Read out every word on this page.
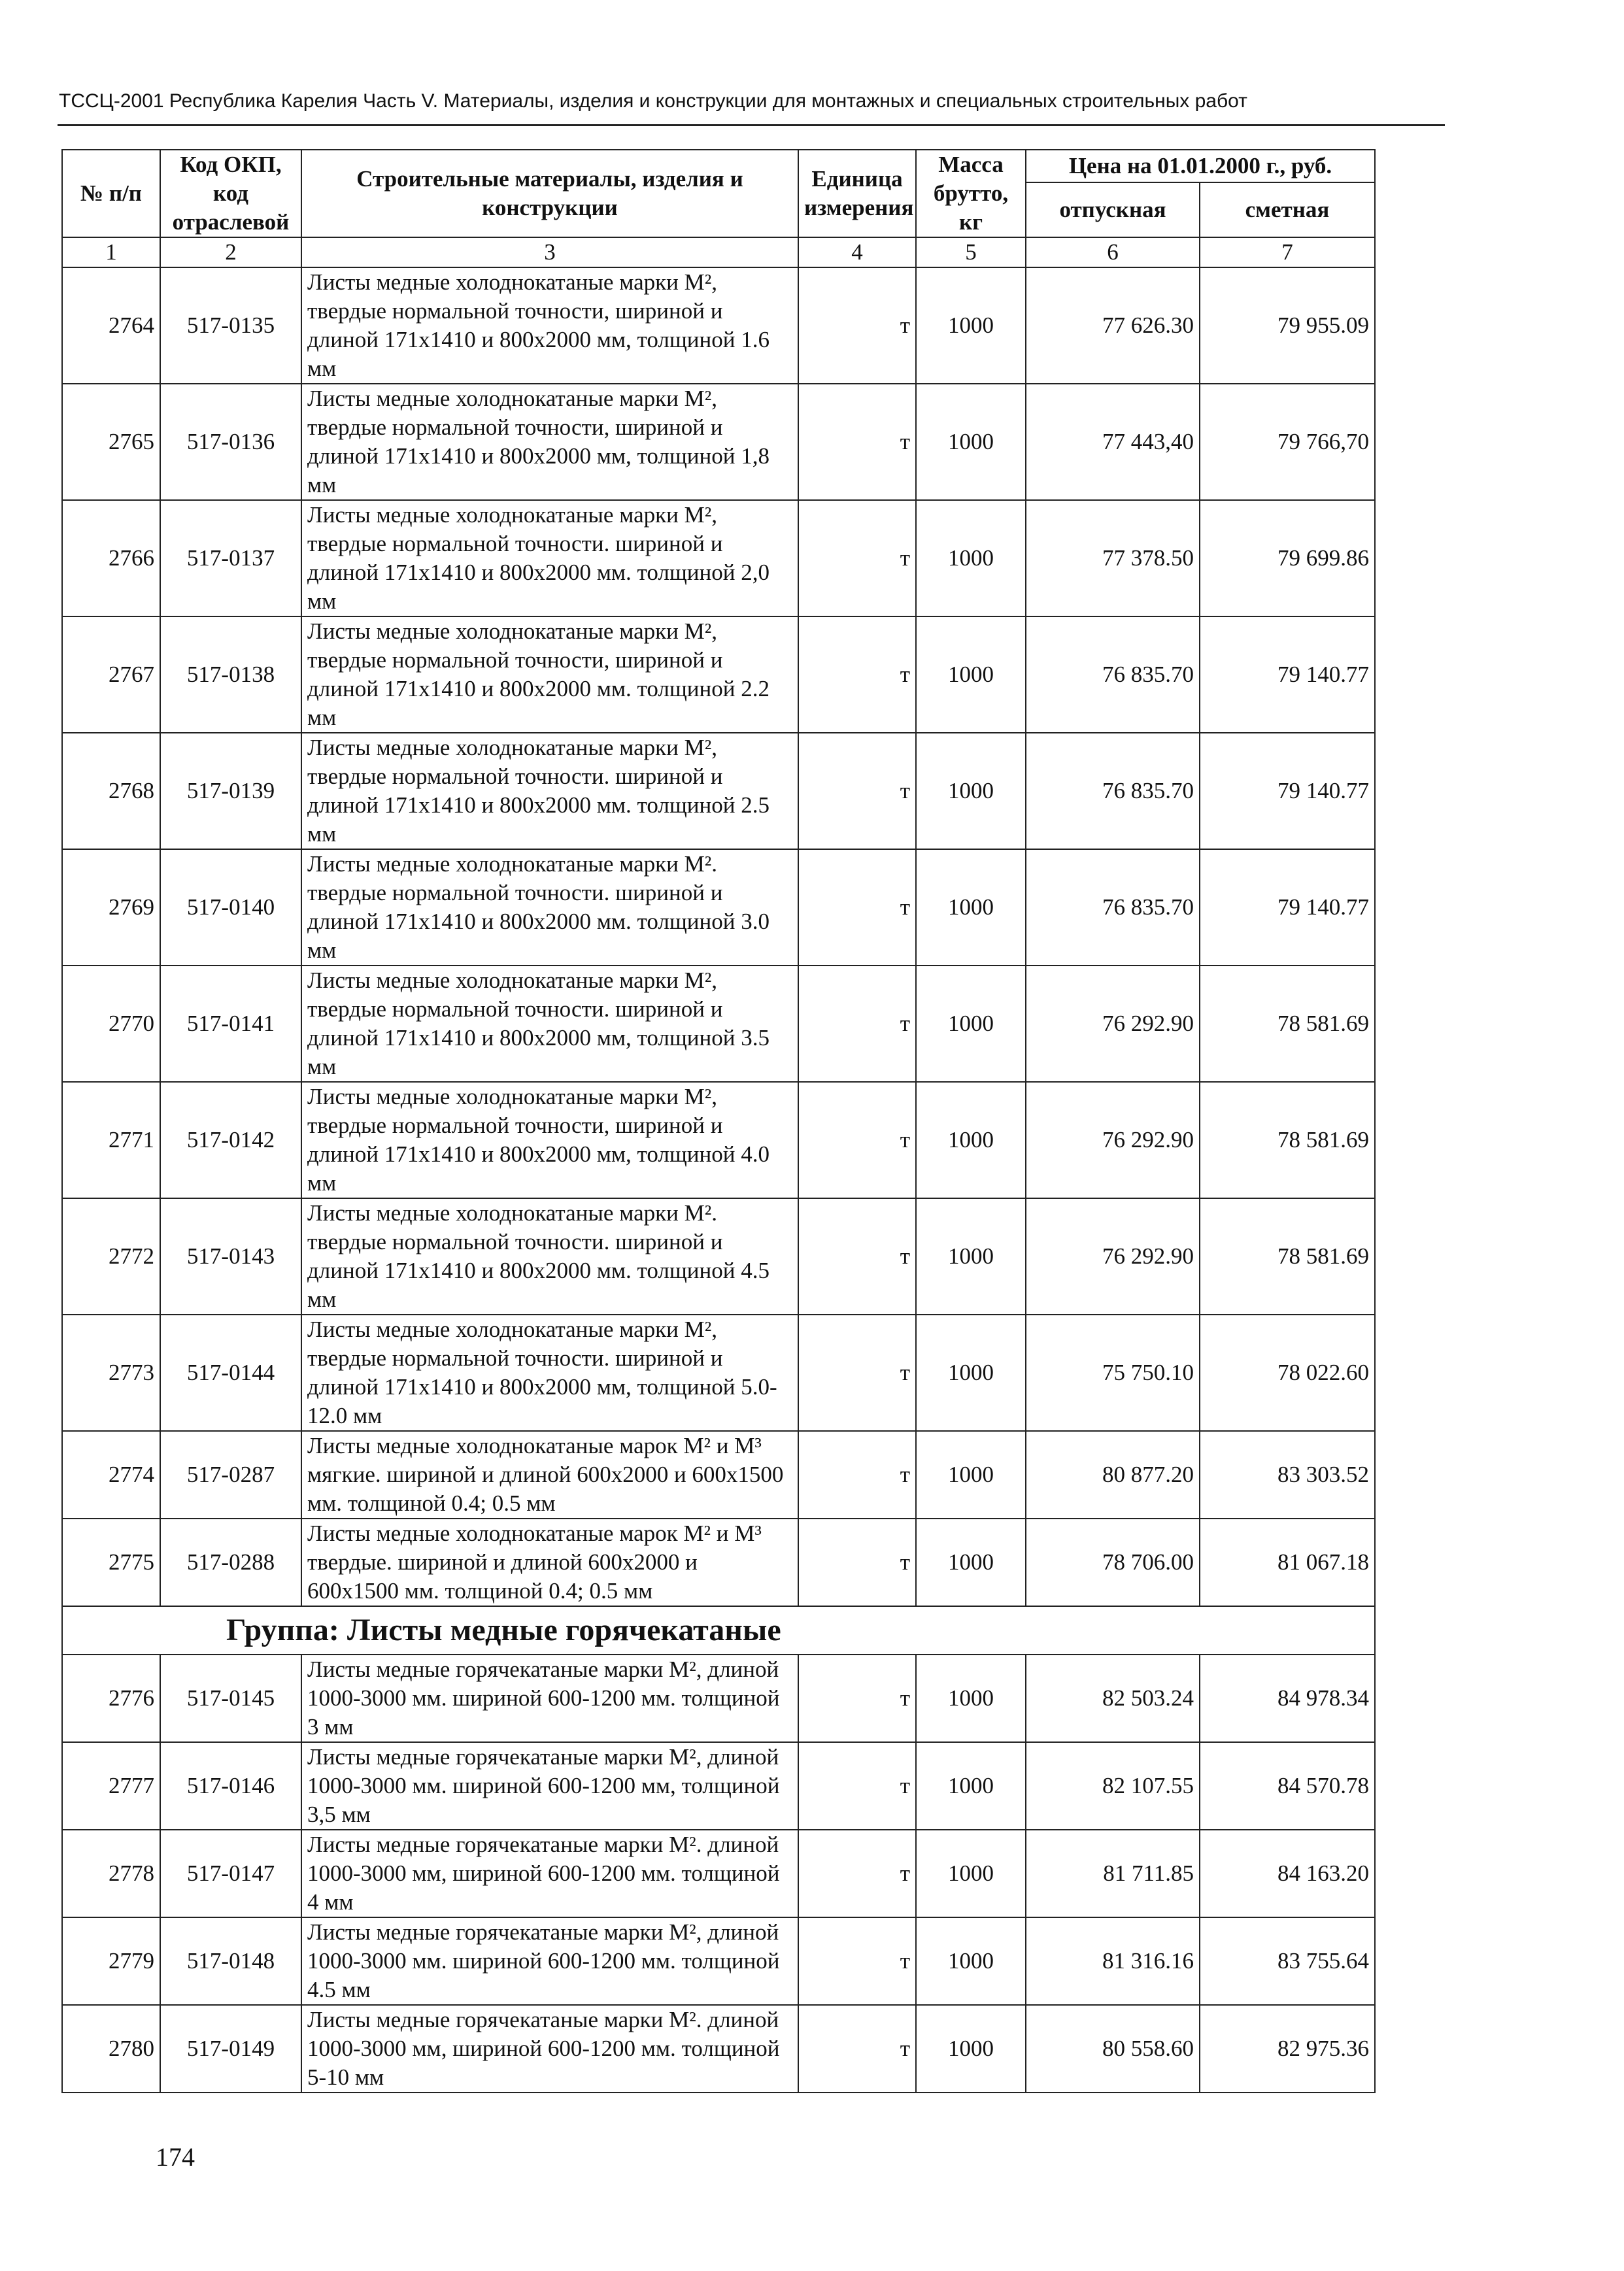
ТССЦ-2001 Республика Карелия Часть V. Материалы, изделия и конструкции для монтажных и специальных строительных работ
№ п/п	Код ОКП, код отраслевой	Строительные материалы, изделия и конструкции	Единица измерения	Масса брутто, кг	Цена на 01.01.2000 г., руб.	
					отпускная	сметная
1	2	3	4	5	6	7
2764	517-0135	Листы медные холоднокатаные марки М², твердые нормальной точности, шириной и длиной 171х1410 и 800х2000 мм, толщиной 1.6 мм	т	1000	77 626.30	79 955.09
2765	517-0136	Листы медные холоднокатаные марки М², твердые нормальной точности, шириной и длиной 171х1410 и 800х2000 мм, толщиной 1,8 мм	т	1000	77 443,40	79 766,70
2766	517-0137	Листы медные холоднокатаные марки М², твердые нормальной точности. шириной и длиной 171х1410 и 800х2000 мм. толщиной 2,0 мм	т	1000	77 378.50	79 699.86
2767	517-0138	Листы медные холоднокатаные марки М², твердые нормальной точности, шириной и длиной 171х1410 и 800х2000 мм. толщиной 2.2 мм	т	1000	76 835.70	79 140.77
2768	517-0139	Листы медные холоднокатаные марки М², твердые нормальной точности. шириной и длиной 171х1410 и 800х2000 мм. толщиной 2.5 мм	т	1000	76 835.70	79 140.77
2769	517-0140	Листы медные холоднокатаные марки М². твердые нормальной точности. шириной и длиной 171х1410 и 800х2000 мм. толщиной 3.0 мм	т	1000	76 835.70	79 140.77
2770	517-0141	Листы медные холоднокатаные марки М², твердые нормальной точности. шириной и длиной 171х1410 и 800х2000 мм, толщиной 3.5 мм	т	1000	76 292.90	78 581.69
2771	517-0142	Листы медные холоднокатаные марки М², твердые нормальной точности, шириной и длиной 171х1410 и 800х2000 мм, толщиной 4.0 мм	т	1000	76 292.90	78 581.69
2772	517-0143	Листы медные холоднокатаные марки М². твердые нормальной точности. шириной и длиной 171х1410 и 800х2000 мм. толщиной 4.5 мм	т	1000	76 292.90	78 581.69
2773	517-0144	Листы медные холоднокатаные марки М², твердые нормальной точности. шириной и длиной 171х1410 и 800х2000 мм, толщиной 5.0-12.0 мм	т	1000	75 750.10	78 022.60
2774	517-0287	Листы медные холоднокатаные марок М² и М³ мягкие. шириной и длиной 600х2000 и 600х1500 мм. толщиной 0.4; 0.5 мм	т	1000	80 877.20	83 303.52
2775	517-0288	Листы медные холоднокатаные марок М² и М³ твердые. шириной и длиной 600х2000 и 600х1500 мм. толщиной 0.4; 0.5 мм	т	1000	78 706.00	81 067.18
Группа: Листы медные горячекатаные						
2776	517-0145	Листы медные горячекатаные марки М², длиной 1000-3000 мм. шириной 600-1200 мм. толщиной 3 мм	т	1000	82 503.24	84 978.34
2777	517-0146	Листы медные горячекатаные марки М², длиной 1000-3000 мм. шириной 600-1200 мм, толщиной 3,5 мм	т	1000	82 107.55	84 570.78
2778	517-0147	Листы медные горячекатаные марки М². длиной 1000-3000 мм, шириной 600-1200 мм. толщиной 4 мм	т	1000	81 711.85	84 163.20
2779	517-0148	Листы медные горячекатаные марки М², длиной 1000-3000 мм. шириной 600-1200 мм. толщиной 4.5 мм	т	1000	81 316.16	83 755.64
2780	517-0149	Листы медные горячекатаные марки М². длиной 1000-3000 мм, шириной 600-1200 мм. толщиной 5-10 мм	т	1000	80 558.60	82 975.36
174
